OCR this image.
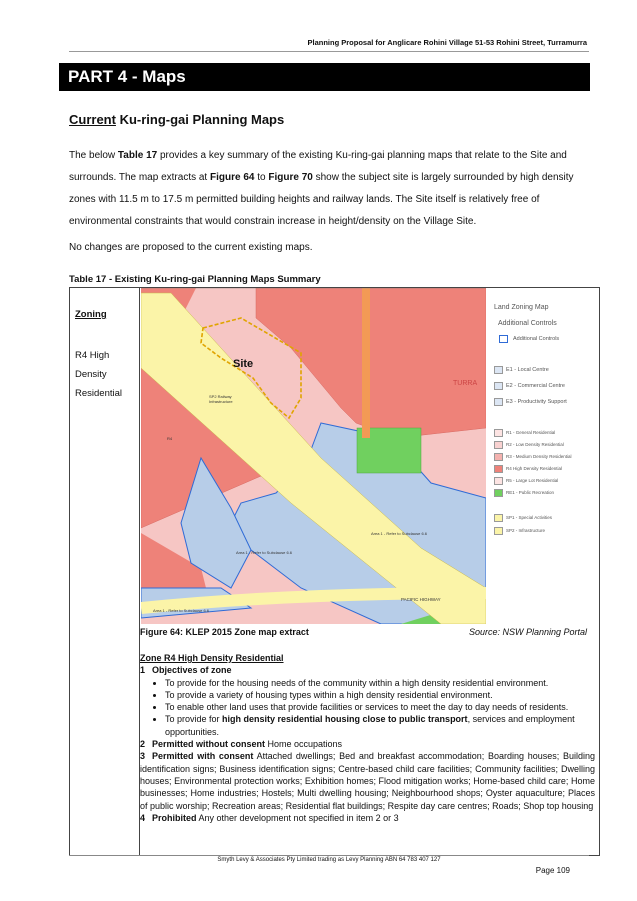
Planning Proposal for Anglicare Rohini Village 51-53 Rohini Street, Turramurra
PART 4 - Maps
Current Ku-ring-gai Planning Maps
The below Table 17 provides a key summary of the existing Ku-ring-gai planning maps that relate to the Site and surrounds. The map extracts at Figure 64 to Figure 70 show the subject site is largely surrounded by high density zones with 11.5 m to 17.5 m permitted building heights and railway lands. The Site itself is relatively free of environmental constraints that would constrain increase in height/density on the Village Site.
No changes are proposed to the current existing maps.
Table 17 - Existing Ku-ring-gai Planning Maps Summary
Zoning
R4 High
Density
Residential
Site
SP2 Railway Infrastructure
TURRA
R4
Area 1 - Refer to Subclause 6.6
Area 1 - Refer to Subclause 6.6
Area 1 - Refer to Subclause 6.6
PACIFIC HIGHWAY
Land Zoning Map
Additional Controls
Additional Controls
E1 - Local Centre
E2 - Commercial Centre
E3 - Productivity Support
R1 - General Residential
R2 - Low Density Residential
R3 - Medium Density Residential
R4 High Density Residential
R5 - Large Lot Residential
RE1 - Public Recreation
SP1 - Special Activities
SP2 - Infrastructure
Figure 64: KLEP 2015 Zone map extract	Source: NSW Planning Portal
Zone R4 High Density Residential
1 Objectives of zone
• To provide for the housing needs of the community within a high density residential environment.
• To provide a variety of housing types within a high density residential environment.
• To enable other land uses that provide facilities or services to meet the day to day needs of residents.
• To provide for high density residential housing close to public transport, services and employment opportunities.
2 Permitted without consent Home occupations
3 Permitted with consent Attached dwellings; Bed and breakfast accommodation; Boarding houses; Building identification signs; Business identification signs; Centre-based child care facilities; Community facilities; Dwelling houses; Environmental protection works; Exhibition homes; Flood mitigation works; Home-based child care; Home businesses; Home industries; Hostels; Multi dwelling housing; Neighbourhood shops; Oyster aquaculture; Places of public worship; Recreation areas; Residential flat buildings; Respite day care centres; Roads; Shop top housing
4 Prohibited Any other development not specified in item 2 or 3
Smyth Levy & Associates Pty Limited trading as Levy Planning ABN 64 783 407 127
Page 109
